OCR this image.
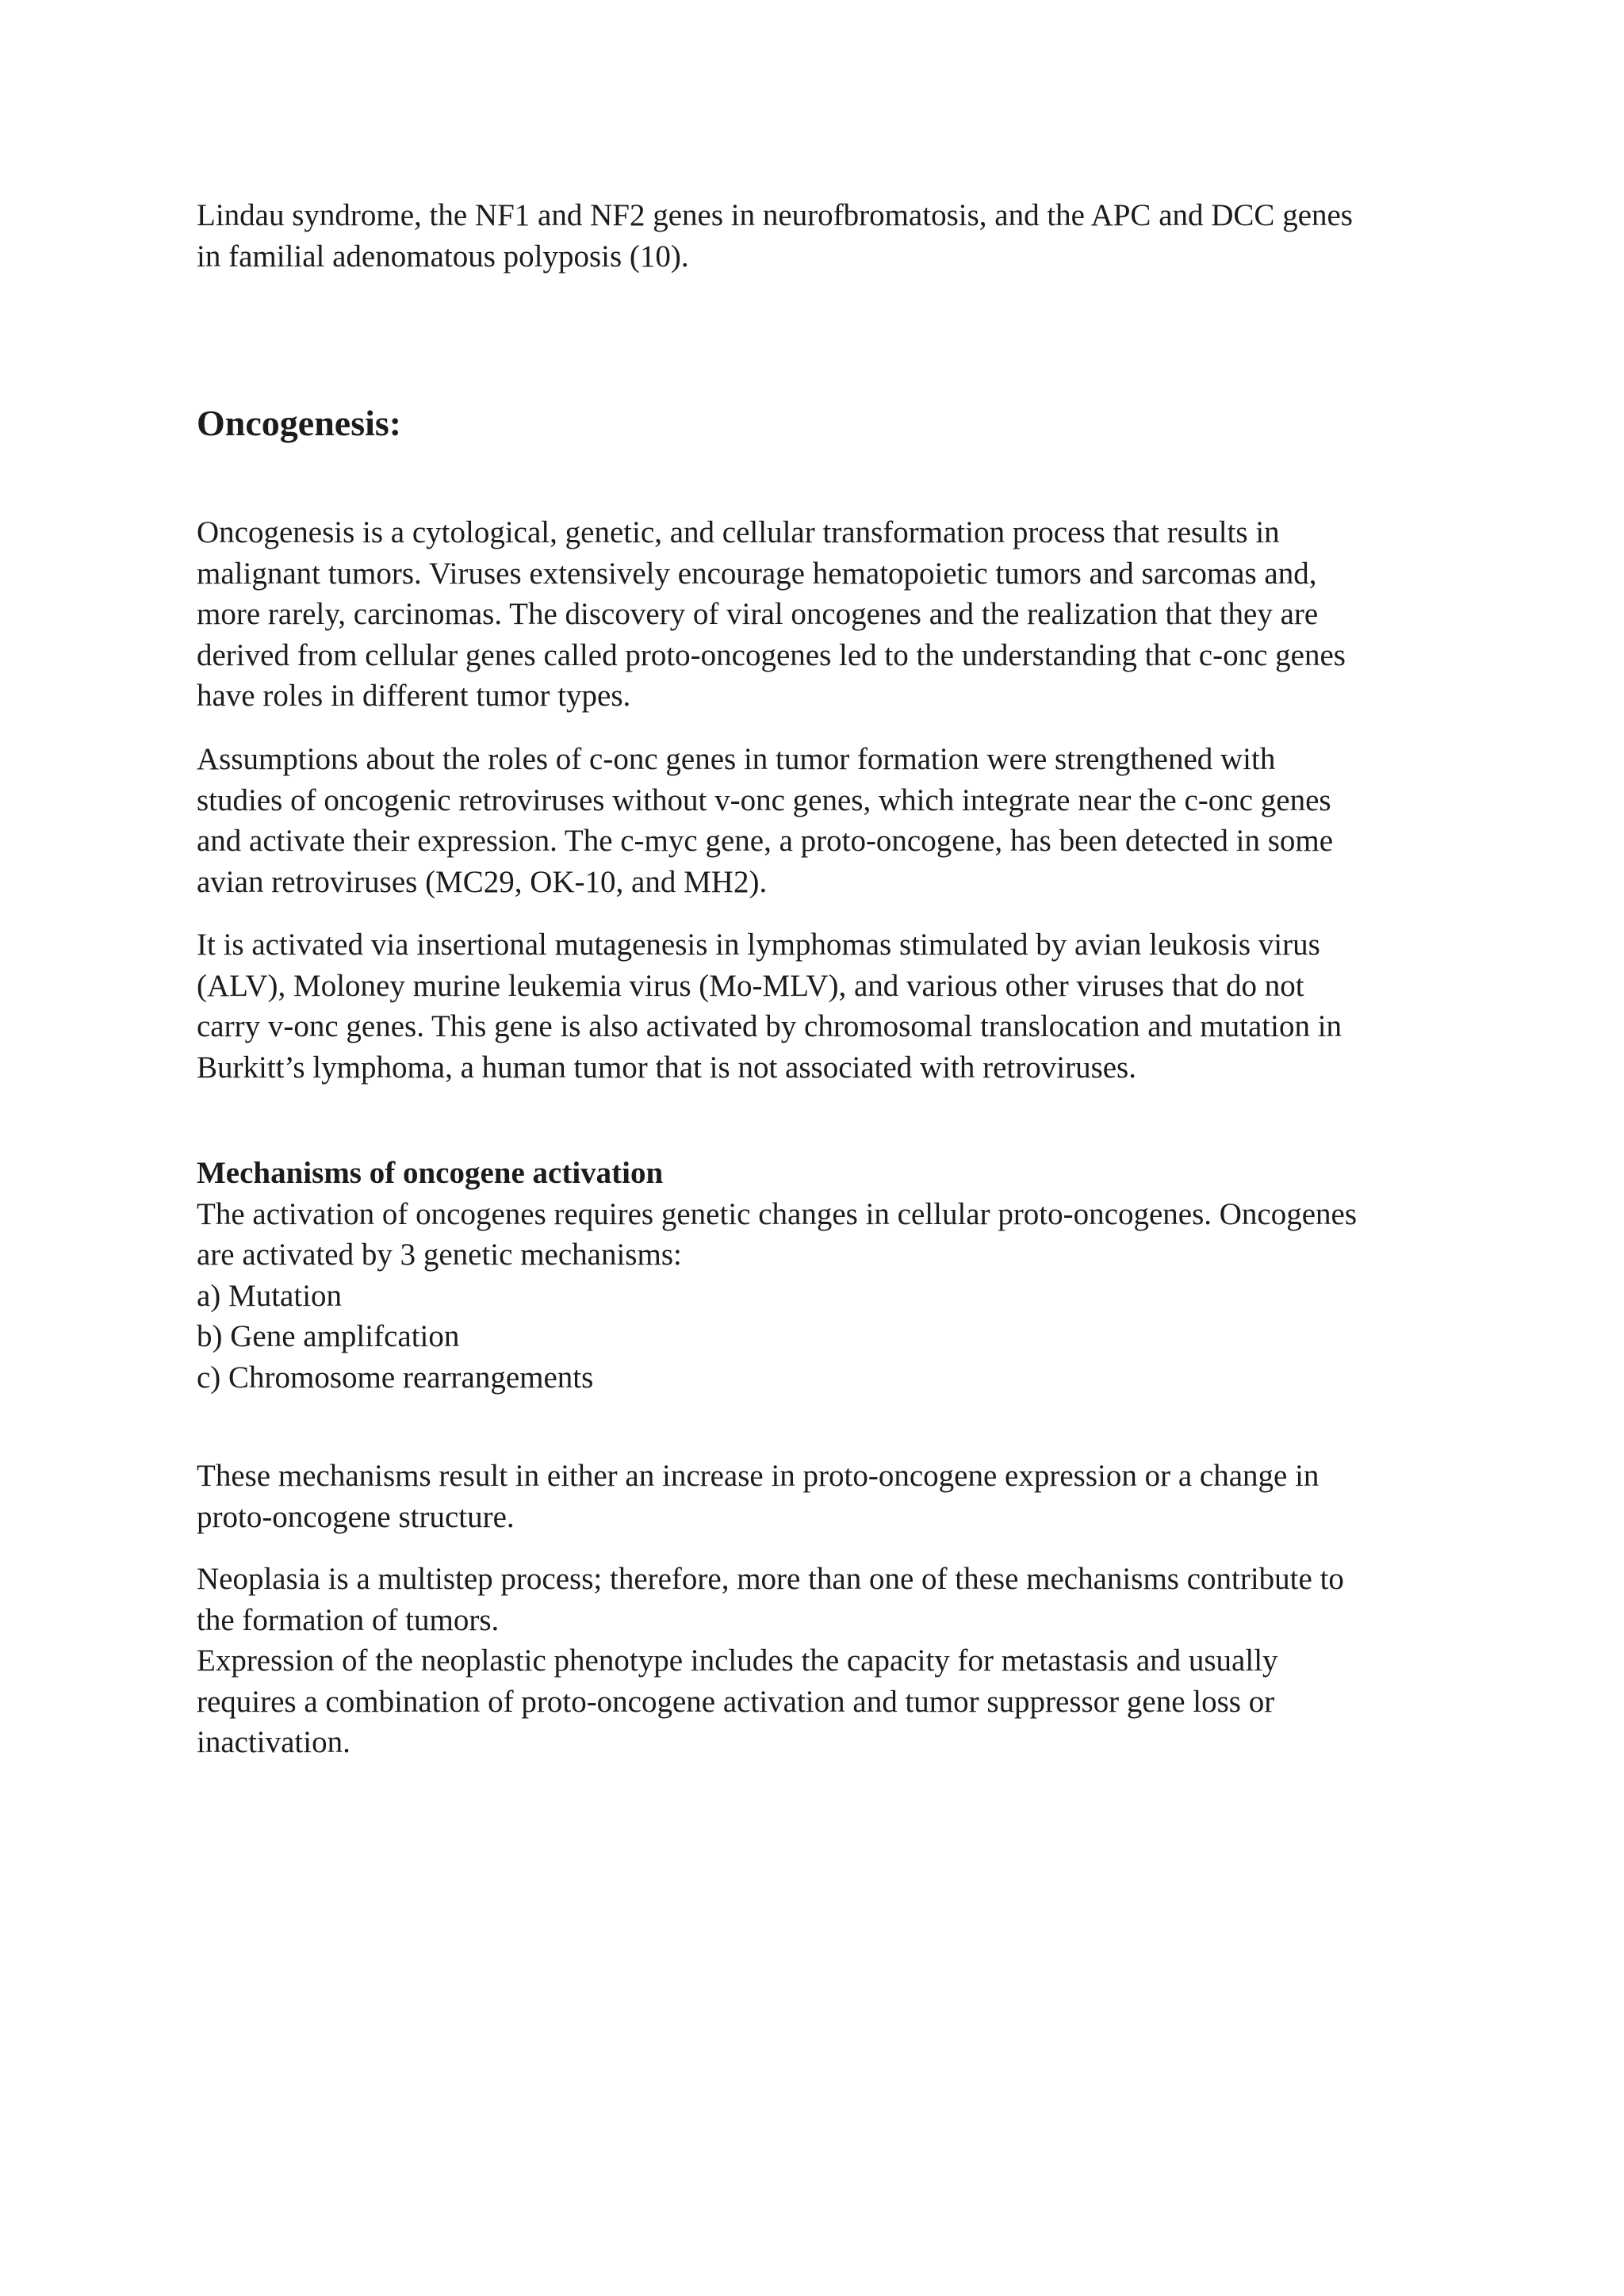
Lindau syndrome, the NF1 and NF2 genes in neurofbromatosis, and the APC and DCC genes
in familial adenomatous polyposis (10).

Oncogenesis:

Oncogenesis is a cytological, genetic, and cellular transformation process that results in
malignant tumors. Viruses extensively encourage hematopoietic tumors and sarcomas and,
more rarely, carcinomas. The discovery of viral oncogenes and the realization that they are
derived from cellular genes called proto-oncogenes led to the understanding that c-onc genes
have roles in different tumor types.

Assumptions about the roles of c-onc genes in tumor formation were strengthened with
studies of oncogenic retroviruses without v-onc genes, which integrate near the c-onc genes
and activate their expression. The c-myc gene, a proto-oncogene, has been detected in some
avian retroviruses (MC29, OK-10, and MH2).

It is activated via insertional mutagenesis in lymphomas stimulated by avian leukosis virus
(ALV), Moloney murine leukemia virus (Mo-MLV), and various other viruses that do not
carry v-onc genes. This gene is also activated by chromosomal translocation and mutation in
Burkitt’s lymphoma, a human tumor that is not associated with retroviruses.

Mechanisms of oncogene activation
The activation of oncogenes requires genetic changes in cellular proto-oncogenes. Oncogenes
are activated by 3 genetic mechanisms:
a) Mutation
b) Gene amplifcation
c) Chromosome rearrangements

These mechanisms result in either an increase in proto-oncogene expression or a change in
proto-oncogene structure.

Neoplasia is a multistep process; therefore, more than one of these mechanisms contribute to
the formation of tumors.
Expression of the neoplastic phenotype includes the capacity for metastasis and usually
requires a combination of proto-oncogene activation and tumor suppressor gene loss or
inactivation.
